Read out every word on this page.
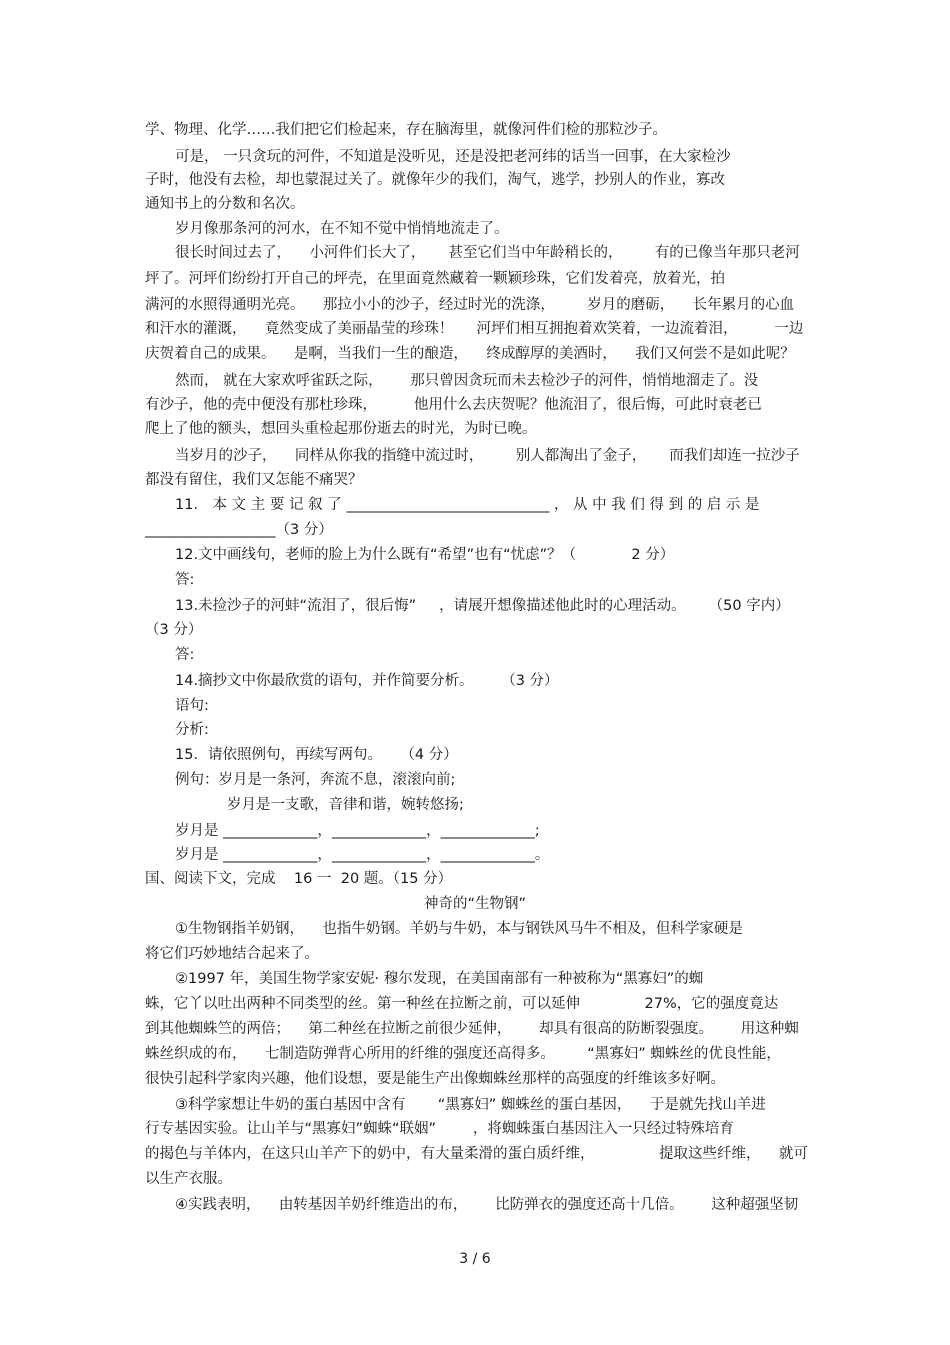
学、物理、化学……我们把它们检起来，存在脑海里，就像河件们检的那粒沙子。
可是， 一只贪玩的河件，不知道是没听见，还是没把老河纬的话当一回事，在大家检沙
子时，他没有去检，却也蒙混过关了。就像年少的我们，淘气，逃学，抄别人的作业，寡改
通知书上的分数和名次。
岁月像那条河的河水，在不知不觉中悄悄地流走了。
很长时间过去了，    小河件们长大了，     甚至它们当中年龄稍长的，       有的已像当年那只老河
坪了。河坪们纷纷打开自己的坪壳，在里面竟然藏着一颗颖珍珠，它们发着亮，放着光，拍
满河的水照得通明光亮。    那拉小小的沙子，经过时光的洗涤，       岁月的磨砺，    长年累月的心血
和汗水的灌溉，    竟然变成了美丽晶莹的珍珠！     河坪们相互拥抱着欢笑着，一边流着泪，        一边
庆贺着自己的成果。    是啊，当我们一生的酿造，    终成醇厚的美酒时，    我们又何尝不是如此呢？
然而， 就在大家欢呼雀跃之际，      那只曾因贪玩而未去检沙子的河件，悄悄地溜走了。没
有沙子，他的壳中便没有那杜珍珠，        他用什么去庆贺呢？他流泪了，很后悔，可此时衰老已
爬上了他的额头，想回头重检起那份逝去的时光，为时已晚。
当岁月的沙子，    同样从你我的指缝中流过时，       别人都淘出了金子，     而我们却连一拉沙子
都没有留住，我们又怎能不痛哭？
11． 本 文 主 要 记 叙 了 ____________________________ ， 从 中 我 们 得 到 的 启 示 是
__________________（3 分）
12.文中画线句，老师的脸上为什么既有“希望”也有“忧虑”？（            2 分）
答:
13.未捡沙子的河蚌“流泪了，很后悔”     ，请展开想像描述他此时的心理活动。     （50 字内）
（3 分）
答:
14.摘抄文中你最欣赏的语句，并作简要分析。      （3 分）
语句:
分析:
15．请依照例句，再续写两句。    （4 分）
例句：岁月是一条河，奔流不息，滚滚向前;
岁月是一支歌，音律和谐，婉转悠扬;
岁月是 _____________，_____________，_____________;
岁月是 _____________，_____________，_____________。
国、阅读下文，完成    16 一  20 题。（15 分）
神奇的“生物钢”
①生物钢指羊奶钢，    也指牛奶钢。羊奶与牛奶，本与钢铁风马牛不相及，但科学家硬是
将它们巧妙地结合起来了。
②1997 年，美国生物学家安妮· 穆尔发现，在美国南部有一种被称为“黑寡妇”的蜘
蛛，它丫以吐出两种不同类型的丝。第一种丝在拉断之前，可以延伸              27%，它的强度竟达
到其他蜘蛛竺的两倍；    第二种丝在拉断之前很少延伸，      却具有很高的防断裂强度。      用这种蜘
蛛丝织成的布，    七制造防弹背心所用的纤维的强度还高得多。       “黑寡妇” 蜘蛛丝的优良性能，
很快引起科学家肉兴趣，他们设想，要是能生产出像蜘蛛丝那样的高强度的纤维该多好啊。
③科学家想让牛奶的蛋白基因中含有       “黑寡妇” 蜘蛛丝的蛋白基因，    于是就先找山羊进
行专基因实验。让山羊与“黑寡妇”蜘蛛“联姻”        ，将蜘蛛蛋白基因注入一只经过特殊培育
的揭色与羊体内，在这只山羊产下的奶中，有大量柔滑的蛋白质纤维，              提取这些纤维，    就可
以生产衣服。
④实践表明，    由转基因羊奶纤维造出的布，      比防弹衣的强度还高十几倍。      这种超强坚韧
3 / 6
